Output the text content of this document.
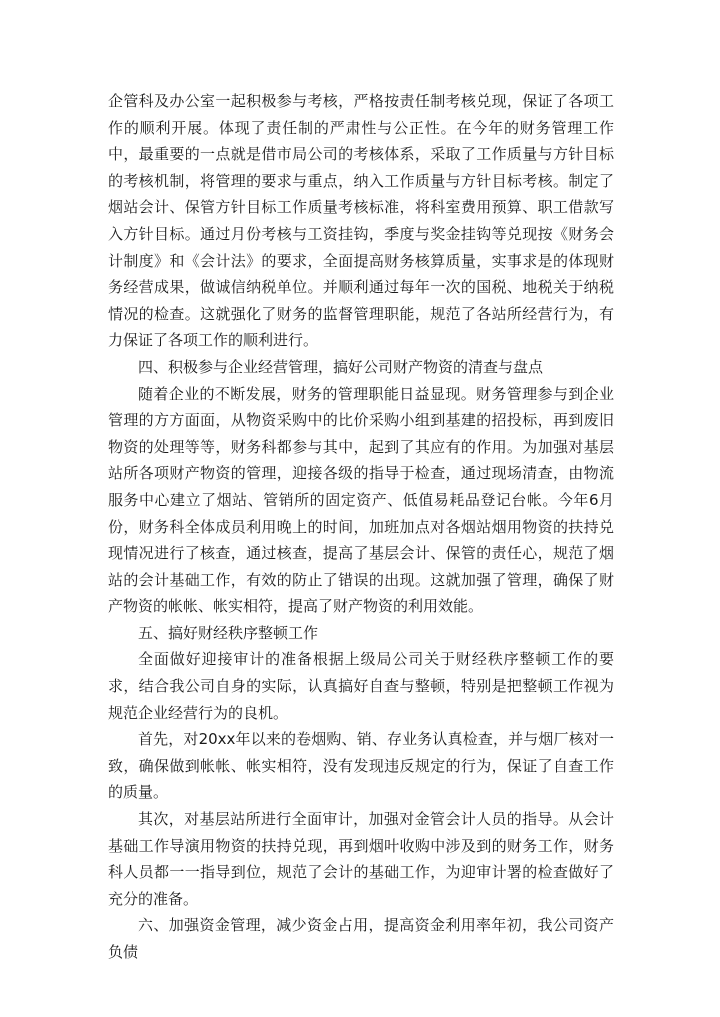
企管科及办公室一起积极参与考核，严格按责任制考核兑现，保证了各项工作的顺利开展。体现了责任制的严肃性与公正性。在今年的财务管理工作中，最重要的一点就是借市局公司的考核体系，采取了工作质量与方针目标的考核机制，将管理的要求与重点，纳入工作质量与方针目标考核。制定了烟站会计、保管方针目标工作质量考核标准，将科室费用预算、职工借款写入方针目标。通过月份考核与工资挂钩，季度与奖金挂钩等兑现按《财务会计制度》和《会计法》的要求，全面提高财务核算质量，实事求是的体现财务经营成果，做诚信纳税单位。并顺利通过每年一次的国税、地税关于纳税情况的检查。这就强化了财务的监督管理职能，规范了各站所经营行为，有力保证了各项工作的顺利进行。

四、积极参与企业经营管理，搞好公司财产物资的清查与盘点

随着企业的不断发展，财务的管理职能日益显现。财务管理参与到企业管理的方方面面，从物资采购中的比价采购小组到基建的招投标，再到废旧物资的处理等等，财务科都参与其中，起到了其应有的作用。为加强对基层站所各项财产物资的管理，迎接各级的指导于检查，通过现场清查，由物流服务中心建立了烟站、管销所的固定资产、低值易耗品登记台帐。今年6月份，财务科全体成员利用晚上的时间，加班加点对各烟站烟用物资的扶持兑现情况进行了核查，通过核查，提高了基层会计、保管的责任心，规范了烟站的会计基础工作，有效的防止了错误的出现。这就加强了管理，确保了财产物资的帐帐、帐实相符，提高了财产物资的利用效能。

五、搞好财经秩序整顿工作

全面做好迎接审计的准备根据上级局公司关于财经秩序整顿工作的要求，结合我公司自身的实际，认真搞好自查与整顿，特别是把整顿工作视为规范企业经营行为的良机。

首先，对20xx年以来的卷烟购、销、存业务认真检查，并与烟厂核对一致，确保做到帐帐、帐实相符，没有发现违反规定的行为，保证了自查工作的质量。

其次，对基层站所进行全面审计，加强对金管会计人员的指导。从会计基础工作导演用物资的扶持兑现，再到烟叶收购中涉及到的财务工作，财务科人员都一一指导到位，规范了会计的基础工作，为迎审计署的检查做好了充分的准备。

六、加强资金管理，减少资金占用，提高资金利用率年初，我公司资产负债
